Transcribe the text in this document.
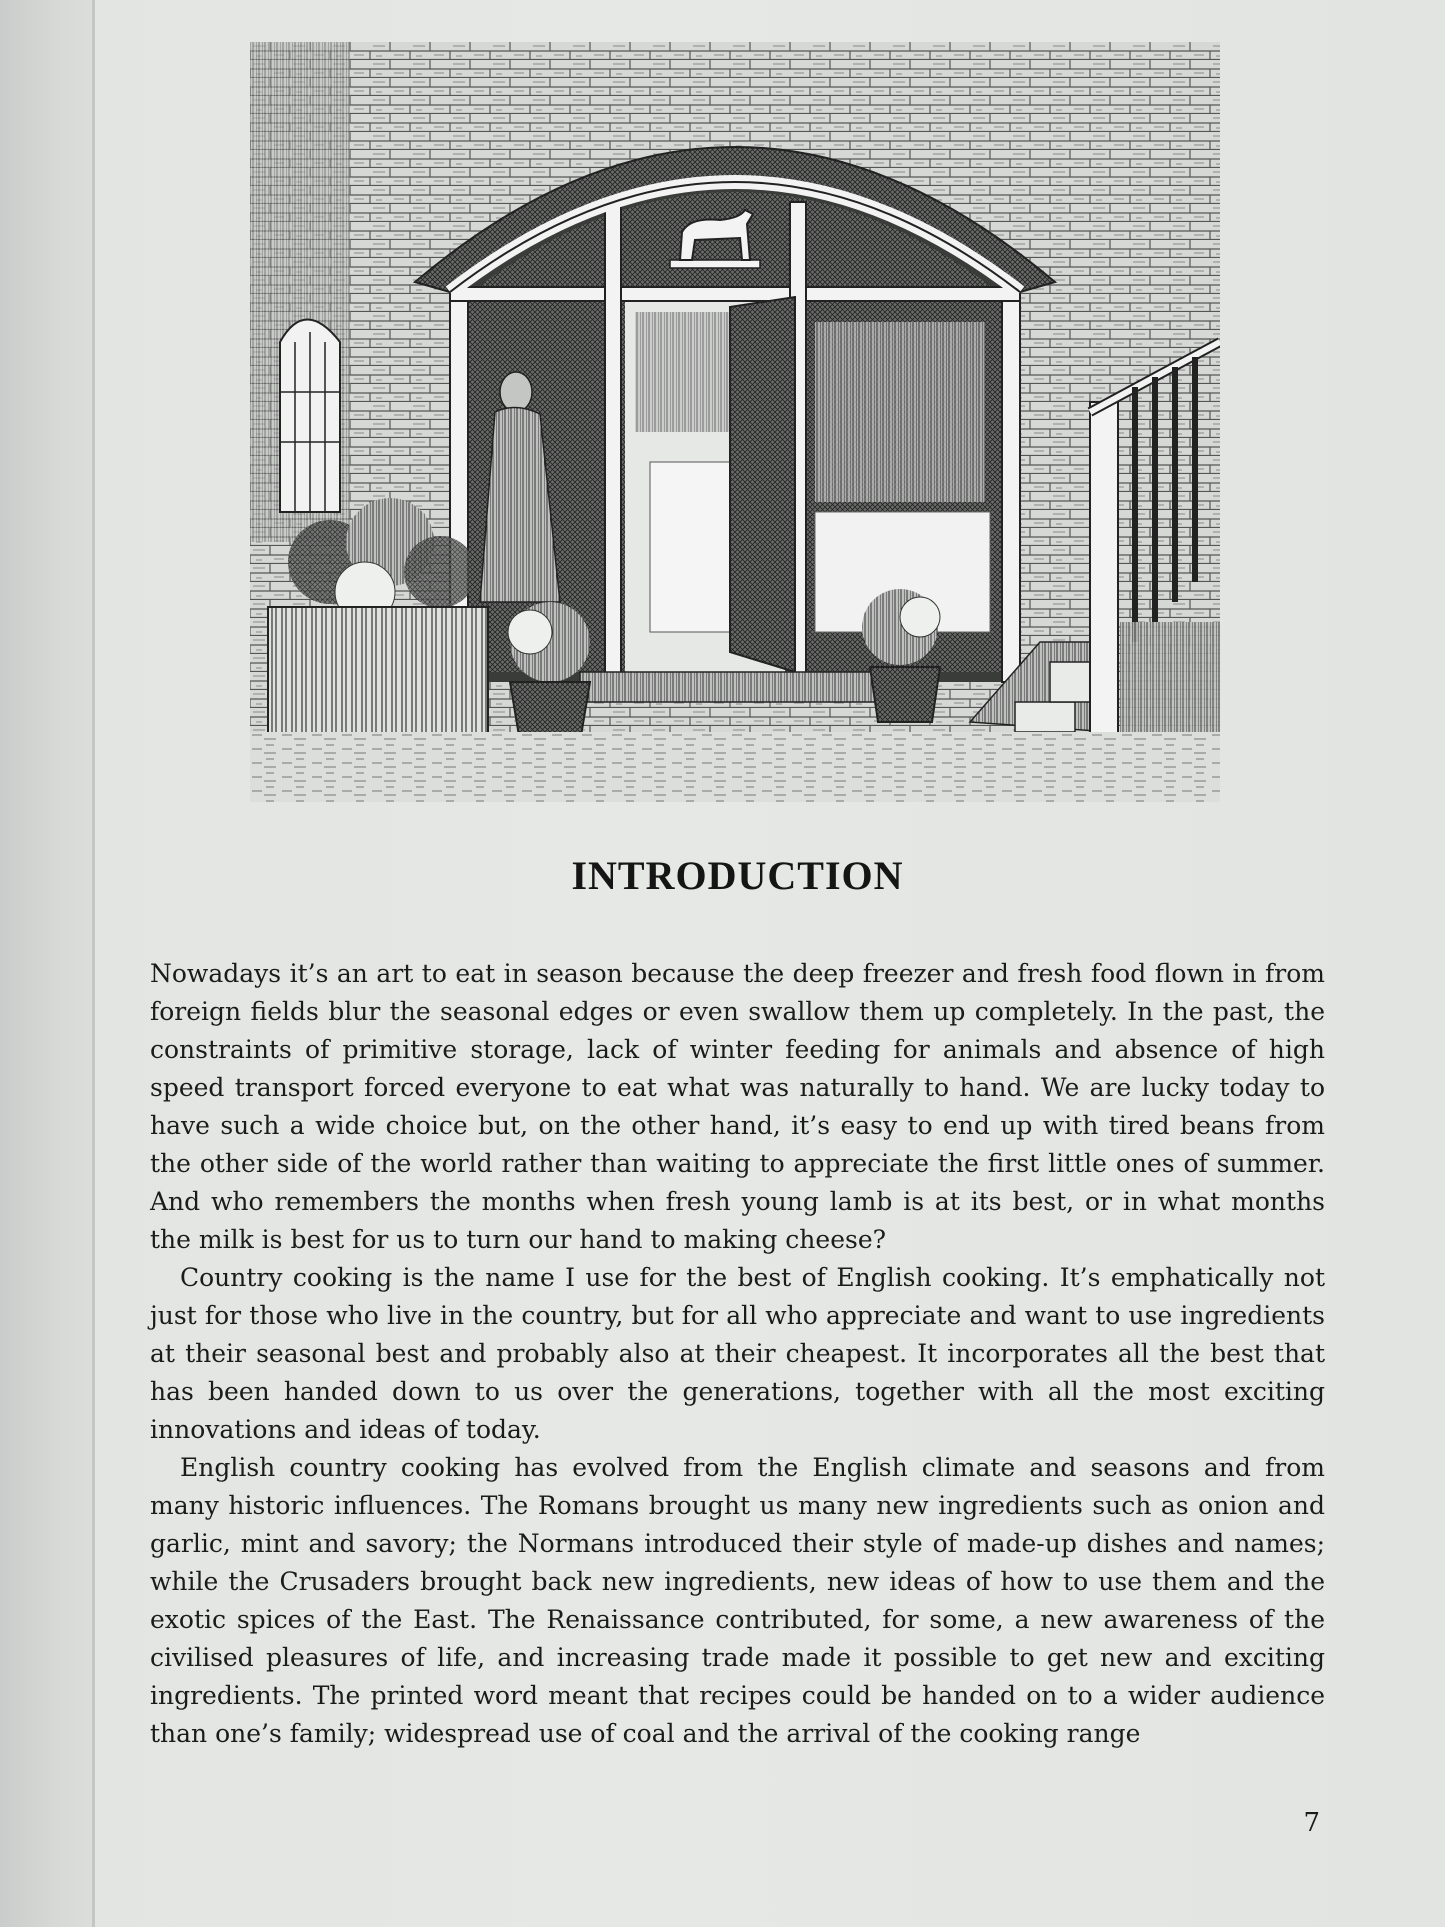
INTRODUCTION

Nowadays it’s an art to eat in season because the deep freezer and fresh food flown in from foreign fields blur the seasonal edges or even swallow them up completely. In the past, the constraints of primitive storage, lack of winter feeding for animals and absence of high speed transport forced everyone to eat what was naturally to hand. We are lucky today to have such a wide choice but, on the other hand, it’s easy to end up with tired beans from the other side of the world rather than waiting to appreciate the first little ones of summer. And who remembers the months when fresh young lamb is at its best, or in what months the milk is best for us to turn our hand to making cheese?

Country cooking is the name I use for the best of English cooking. It’s emphatically not just for those who live in the country, but for all who appreciate and want to use ingredients at their seasonal best and probably also at their cheapest. It incorporates all the best that has been handed down to us over the generations, together with all the most exciting innovations and ideas of today.

English country cooking has evolved from the English climate and seasons and from many historic influences. The Romans brought us many new ingredients such as onion and garlic, mint and savory; the Normans introduced their style of made-up dishes and names; while the Crusaders brought back new ingredients, new ideas of how to use them and the exotic spices of the East. The Renaissance contributed, for some, a new awareness of the civilised pleasures of life, and increasing trade made it possible to get new and exciting ingredients. The printed word meant that recipes could be handed on to a wider audience than one’s family; widespread use of coal and the arrival of the cooking range

7
